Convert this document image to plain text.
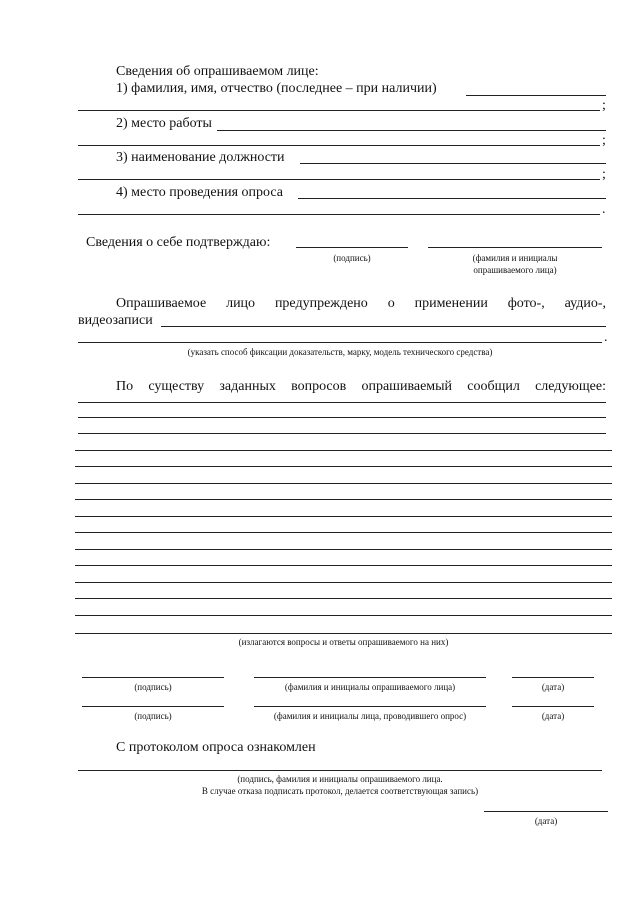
Сведения об опрашиваемом лице:
1) фамилия, имя, отчество (последнее – при наличии)
;
2) место работы
;
3) наименование должности
;
4) место проведения опроса
.
Сведения о себе подтверждаю:
(подпись)	(фамилия и инициалы
опрашиваемого лица)
Опрашиваемое лицо предупреждено о применении фото-, аудио-,
видеозаписи
.
(указать способ фиксации доказательств, марку, модель технического средства)
По существу заданных вопросов опрашиваемый сообщил следующее:
(излагаются вопросы и ответы опрашиваемого на них)
(подпись)	(фамилия и инициалы опрашиваемого лица)	(дата)
(подпись)	(фамилия и инициалы лица, проводившего опрос)	(дата)
С протоколом опроса ознакомлен
(подпись, фамилия и инициалы опрашиваемого лица.
В случае отказа подписать протокол, делается соответствующая запись)
(дата)
